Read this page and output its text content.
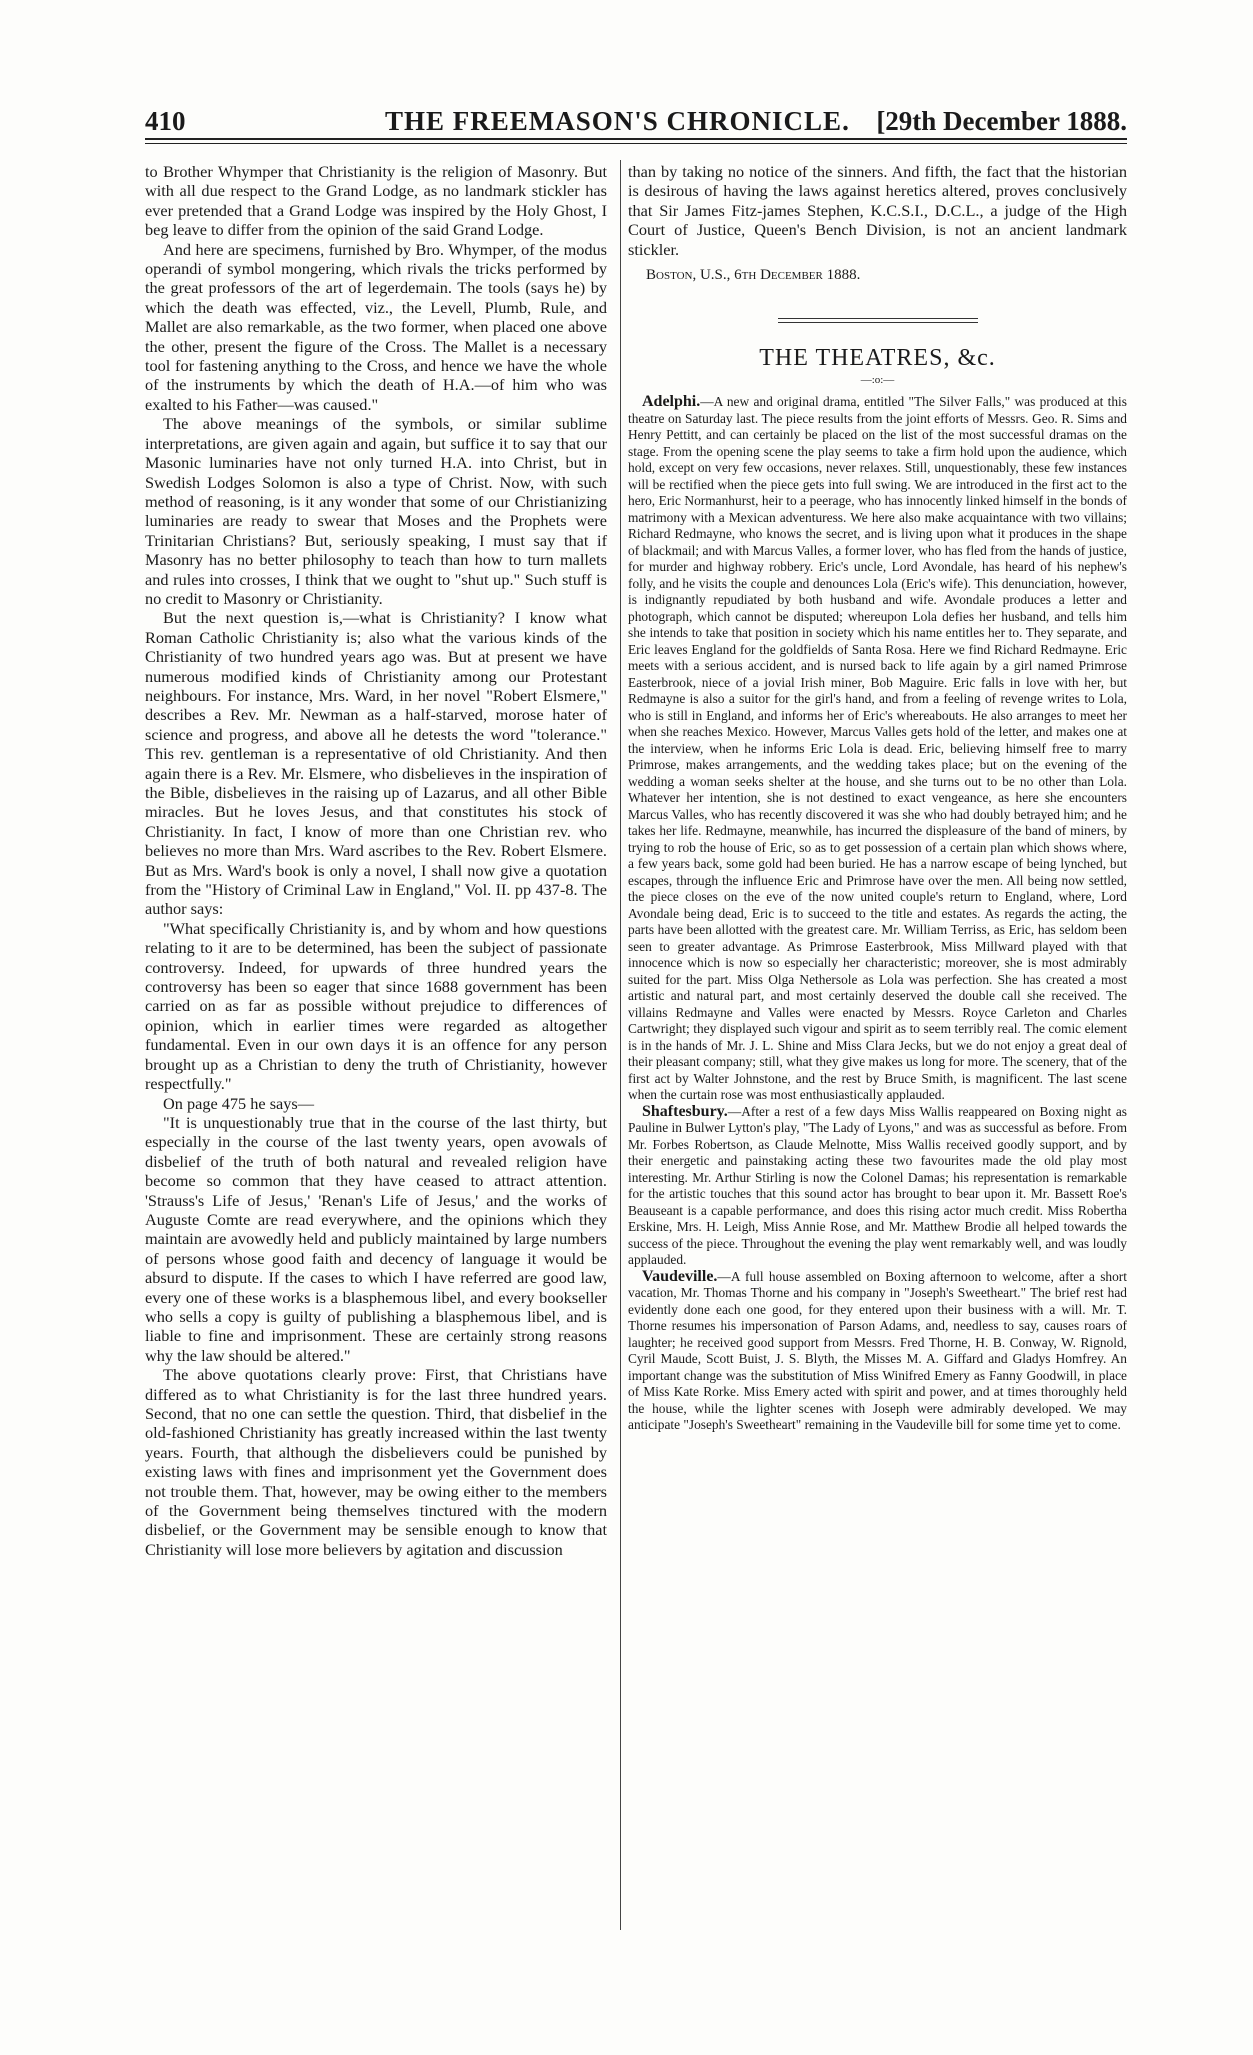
410	THE FREEMASON'S CHRONICLE. [29th December 1888.

to Brother Whymper that Christianity is the religion of Masonry. But with all due respect to the Grand Lodge, as no landmark stickler has ever pretended that a Grand Lodge was inspired by the Holy Ghost, I beg leave to differ from the opinion of the said Grand Lodge.

And here are specimens, furnished by Bro. Whymper, of the modus operandi of symbol mongering, which rivals the tricks performed by the great professors of the art of legerdemain. The tools (says he) by which the death was effected, viz., the Levell, Plumb, Rule, and Mallet are also remarkable, as the two former, when placed one above the other, present the figure of the Cross. The Mallet is a necessary tool for fastening anything to the Cross, and hence we have the whole of the instruments by which the death of H.A.—of him who was exalted to his Father—was caused."

The above meanings of the symbols, or similar sublime interpretations, are given again and again, but suffice it to say that our Masonic luminaries have not only turned H.A. into Christ, but in Swedish Lodges Solomon is also a type of Christ. Now, with such method of reasoning, is it any wonder that some of our Christianizing luminaries are ready to swear that Moses and the Prophets were Trinitarian Christians? But, seriously speaking, I must say that if Masonry has no better philosophy to teach than how to turn mallets and rules into crosses, I think that we ought to "shut up." Such stuff is no credit to Masonry or Christianity.

But the next question is,—what is Christianity? I know what Roman Catholic Christianity is; also what the various kinds of the Christianity of two hundred years ago was. But at present we have numerous modified kinds of Christianity among our Protestant neighbours. For instance, Mrs. Ward, in her novel "Robert Elsmere," describes a Rev. Mr. Newman as a half-starved, morose hater of science and progress, and above all he detests the word "tolerance." This rev. gentleman is a representative of old Christianity. And then again there is a Rev. Mr. Elsmere, who disbelieves in the inspiration of the Bible, disbelieves in the raising up of Lazarus, and all other Bible miracles. But he loves Jesus, and that constitutes his stock of Christianity. In fact, I know of more than one Christian rev. who believes no more than Mrs. Ward ascribes to the Rev. Robert Elsmere. But as Mrs. Ward's book is only a novel, I shall now give a quotation from the "History of Criminal Law in England," Vol. II. pp 437-8. The author says:

"What specifically Christianity is, and by whom and how questions relating to it are to be determined, has been the subject of passionate controversy. Indeed, for upwards of three hundred years the controversy has been so eager that since 1688 government has been carried on as far as possible without prejudice to differences of opinion, which in earlier times were regarded as altogether fundamental. Even in our own days it is an offence for any person brought up as a Christian to deny the truth of Christianity, however respectfully."

On page 475 he says—

"It is unquestionably true that in the course of the last thirty, but especially in the course of the last twenty years, open avowals of disbelief of the truth of both natural and revealed religion have become so common that they have ceased to attract attention. 'Strauss's Life of Jesus,' 'Renan's Life of Jesus,' and the works of Auguste Comte are read everywhere, and the opinions which they maintain are avowedly held and publicly maintained by large numbers of persons whose good faith and decency of language it would be absurd to dispute. If the cases to which I have referred are good law, every one of these works is a blasphemous libel, and every bookseller who sells a copy is guilty of publishing a blasphemous libel, and is liable to fine and imprisonment. These are certainly strong reasons why the law should be altered."

The above quotations clearly prove: First, that Christians have differed as to what Christianity is for the last three hundred years. Second, that no one can settle the question. Third, that disbelief in the old-fashioned Christianity has greatly increased within the last twenty years. Fourth, that although the disbelievers could be punished by existing laws with fines and imprisonment yet the Government does not trouble them. That, however, may be owing either to the members of the Government being themselves tinctured with the modern disbelief, or the Government may be sensible enough to know that Christianity will lose more believers by agitation and discussion

than by taking no notice of the sinners. And fifth, the fact that the historian is desirous of having the laws against heretics altered, proves conclusively that Sir James Fitz-james Stephen, K.C.S.I., D.C.L., a judge of the High Court of Justice, Queen's Bench Division, is not an ancient landmark stickler.

Boston, U.S., 6th December 1888.
THE THEATRES, &c.
—:o:—

Adelphi.—A new and original drama, entitled "The Silver Falls," was produced at this theatre on Saturday last. The piece results from the joint efforts of Messrs. Geo. R. Sims and Henry Pettitt, and can certainly be placed on the list of the most successful dramas on the stage. From the opening scene the play seems to take a firm hold upon the audience, which hold, except on very few occasions, never relaxes. Still, unquestionably, these few instances will be rectified when the piece gets into full swing. We are introduced in the first act to the hero, Eric Normanhurst, heir to a peerage, who has innocently linked himself in the bonds of matrimony with a Mexican adventuress. We here also make acquaintance with two villains; Richard Redmayne, who knows the secret, and is living upon what it produces in the shape of blackmail; and with Marcus Valles, a former lover, who has fled from the hands of justice, for murder and highway robbery. Eric's uncle, Lord Avondale, has heard of his nephew's folly, and he visits the couple and denounces Lola (Eric's wife). This denunciation, however, is indignantly repudiated by both husband and wife. Avondale produces a letter and photograph, which cannot be disputed; whereupon Lola defies her husband, and tells him she intends to take that position in society which his name entitles her to. They separate, and Eric leaves England for the goldfields of Santa Rosa. Here we find Richard Redmayne. Eric meets with a serious accident, and is nursed back to life again by a girl named Primrose Easterbrook, niece of a jovial Irish miner, Bob Maguire. Eric falls in love with her, but Redmayne is also a suitor for the girl's hand, and from a feeling of revenge writes to Lola, who is still in England, and informs her of Eric's whereabouts. He also arranges to meet her when she reaches Mexico. However, Marcus Valles gets hold of the letter, and makes one at the interview, when he informs Eric Lola is dead. Eric, believing himself free to marry Primrose, makes arrangements, and the wedding takes place; but on the evening of the wedding a woman seeks shelter at the house, and she turns out to be no other than Lola. Whatever her intention, she is not destined to exact vengeance, as here she encounters Marcus Valles, who has recently discovered it was she who had doubly betrayed him; and he takes her life. Redmayne, meanwhile, has incurred the displeasure of the band of miners, by trying to rob the house of Eric, so as to get possession of a certain plan which shows where, a few years back, some gold had been buried. He has a narrow escape of being lynched, but escapes, through the influence Eric and Primrose have over the men. All being now settled, the piece closes on the eve of the now united couple's return to England, where, Lord Avondale being dead, Eric is to succeed to the title and estates. As regards the acting, the parts have been allotted with the greatest care. Mr. William Terriss, as Eric, has seldom been seen to greater advantage. As Primrose Easterbrook, Miss Millward played with that innocence which is now so especially her characteristic; moreover, she is most admirably suited for the part. Miss Olga Nethersole as Lola was perfection. She has created a most artistic and natural part, and most certainly deserved the double call she received. The villains Redmayne and Valles were enacted by Messrs. Royce Carleton and Charles Cartwright; they displayed such vigour and spirit as to seem terribly real. The comic element is in the hands of Mr. J. L. Shine and Miss Clara Jecks, but we do not enjoy a great deal of their pleasant company; still, what they give makes us long for more. The scenery, that of the first act by Walter Johnstone, and the rest by Bruce Smith, is magnificent. The last scene when the curtain rose was most enthusiastically applauded.

Shaftesbury.—After a rest of a few days Miss Wallis reappeared on Boxing night as Pauline in Bulwer Lytton's play, "The Lady of Lyons," and was as successful as before. From Mr. Forbes Robertson, as Claude Melnotte, Miss Wallis received goodly support, and by their energetic and painstaking acting these two favourites made the old play most interesting. Mr. Arthur Stirling is now the Colonel Damas; his representation is remarkable for the artistic touches that this sound actor has brought to bear upon it. Mr. Bassett Roe's Beauseant is a capable performance, and does this rising actor much credit. Miss Robertha Erskine, Mrs. H. Leigh, Miss Annie Rose, and Mr. Matthew Brodie all helped towards the success of the piece. Throughout the evening the play went remarkably well, and was loudly applauded.

Vaudeville.—A full house assembled on Boxing afternoon to welcome, after a short vacation, Mr. Thomas Thorne and his company in "Joseph's Sweetheart." The brief rest had evidently done each one good, for they entered upon their business with a will. Mr. T. Thorne resumes his impersonation of Parson Adams, and, needless to say, causes roars of laughter; he received good support from Messrs. Fred Thorne, H. B. Conway, W. Rignold, Cyril Maude, Scott Buist, J. S. Blyth, the Misses M. A. Giffard and Gladys Homfrey. An important change was the substitution of Miss Winifred Emery as Fanny Goodwill, in place of Miss Kate Rorke. Miss Emery acted with spirit and power, and at times thoroughly held the house, while the lighter scenes with Joseph were admirably developed. We may anticipate "Joseph's Sweetheart" remaining in the Vaudeville bill for some time yet to come.
